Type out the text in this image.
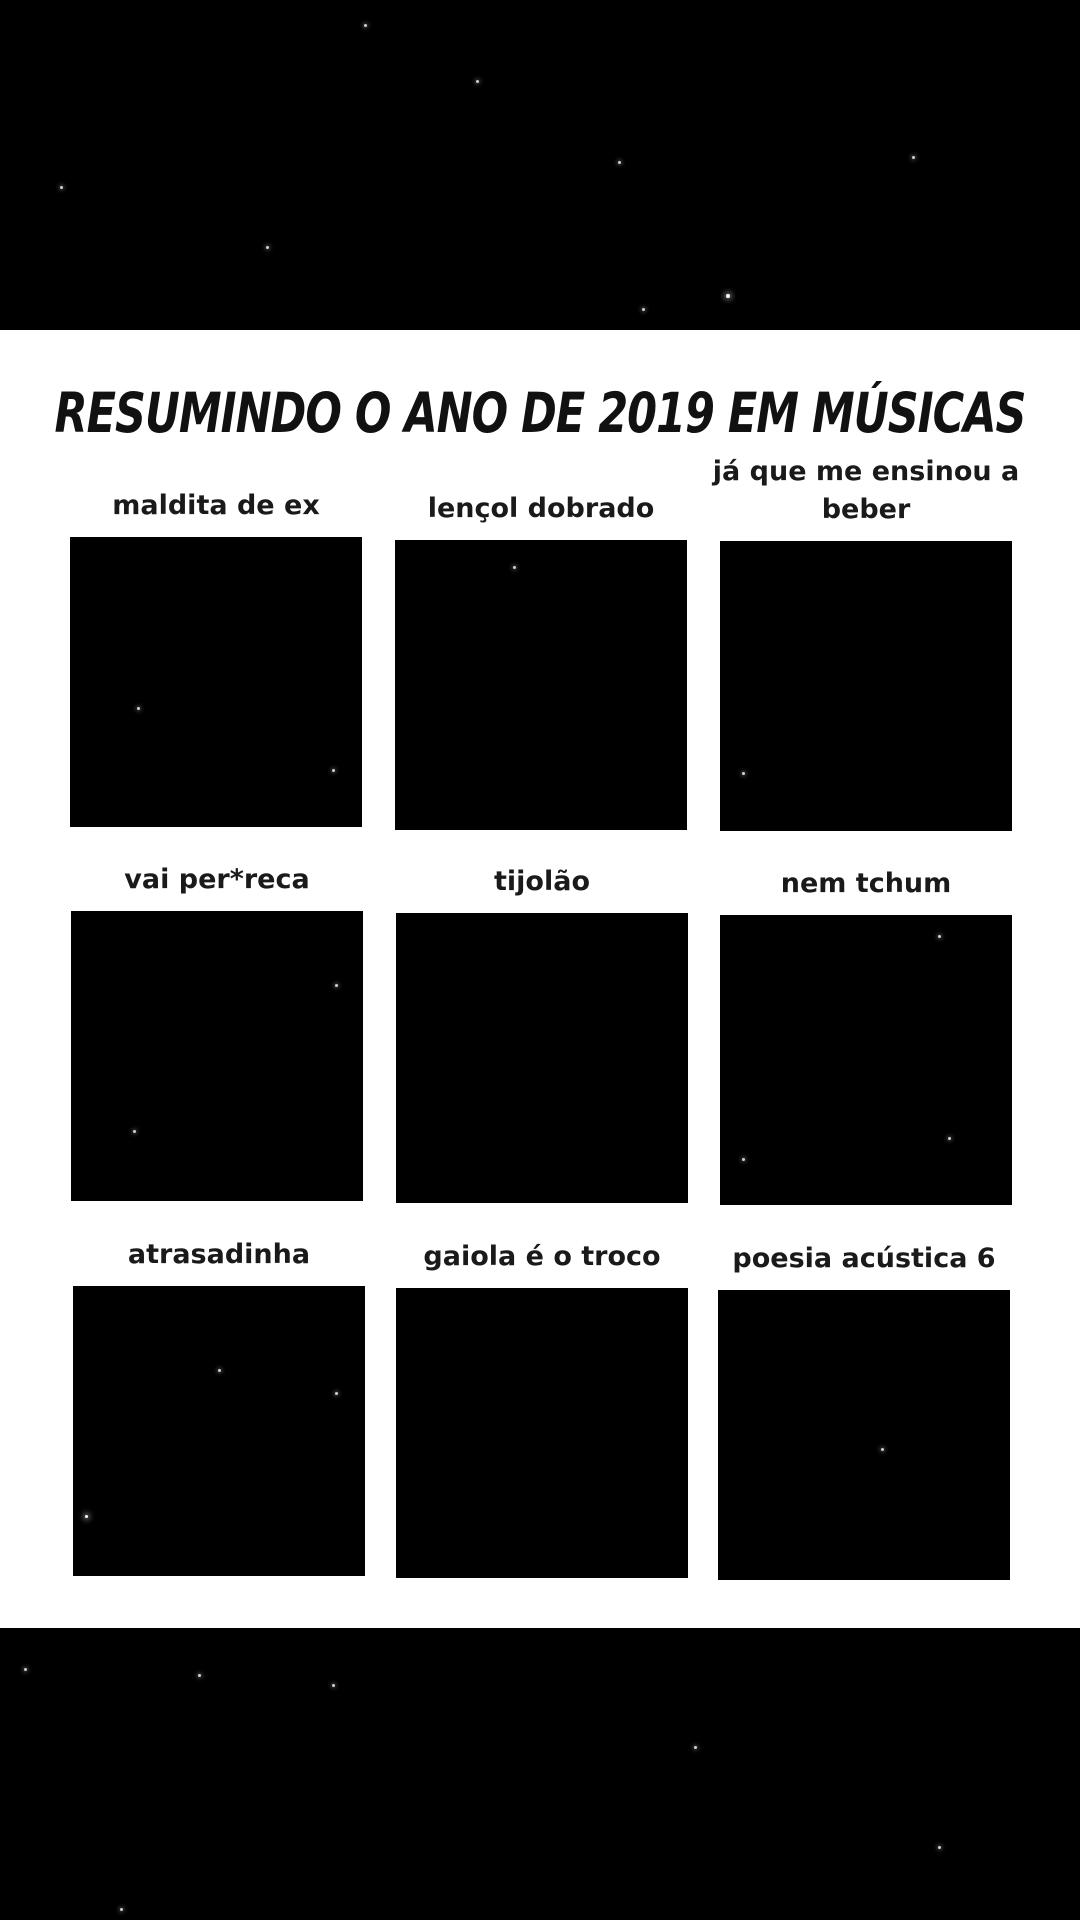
RESUMINDO O ANO DE 2019 EM MÚSICAS
maldita de ex	lençol dobrado
já que me ensinou a beber
vai per*reca	tijolão	nem tchum
atrasadinha	gaiola é o troco	poesia acústica 6
